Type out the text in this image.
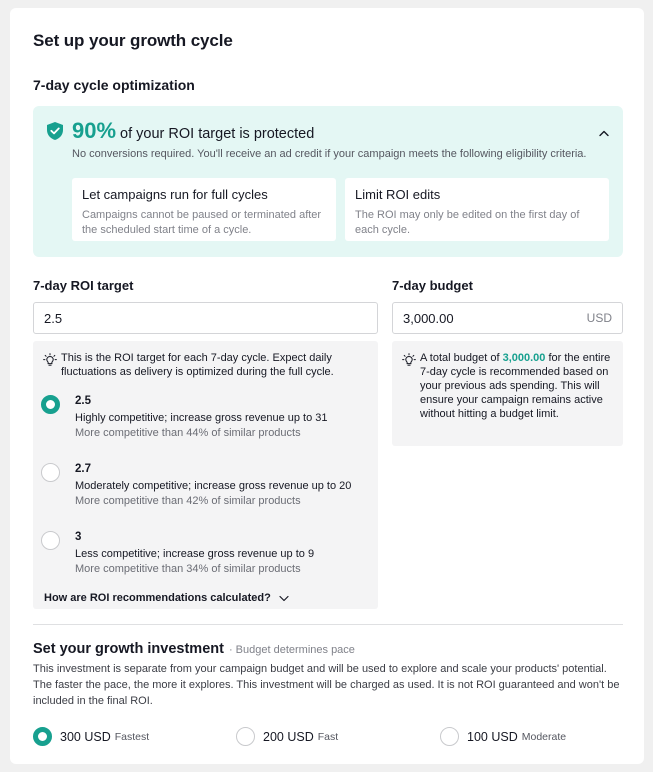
Set up your growth cycle
7-day cycle optimization
90% of your ROI target is protected
No conversions required. You'll receive an ad credit if your campaign meets the following eligibility criteria.
Let campaigns run for full cycles
Campaigns cannot be paused or terminated after the scheduled start time of a cycle.
Limit ROI edits
The ROI may only be edited on the first day of each cycle.
7-day ROI target	7-day budget
2.5	3,000.00	USD
This is the ROI target for each 7-day cycle. Expect daily fluctuations as delivery is optimized during the full cycle.
2.5
Highly competitive; increase gross revenue up to 31
More competitive than 44% of similar products
2.7
Moderately competitive; increase gross revenue up to 20
More competitive than 42% of similar products
3
Less competitive; increase gross revenue up to 9
More competitive than 34% of similar products
How are ROI recommendations calculated?
A total budget of 3,000.00 for the entire 7-day cycle is recommended based on your previous ads spending. This will ensure your campaign remains active without hitting a budget limit.
Set your growth investment · Budget determines pace
This investment is separate from your campaign budget and will be used to explore and scale your products' potential. The faster the pace, the more it explores. This investment will be charged as used. It is not ROI guaranteed and won't be included in the final ROI.
300 USD Fastest	200 USD Fast	100 USD Moderate
